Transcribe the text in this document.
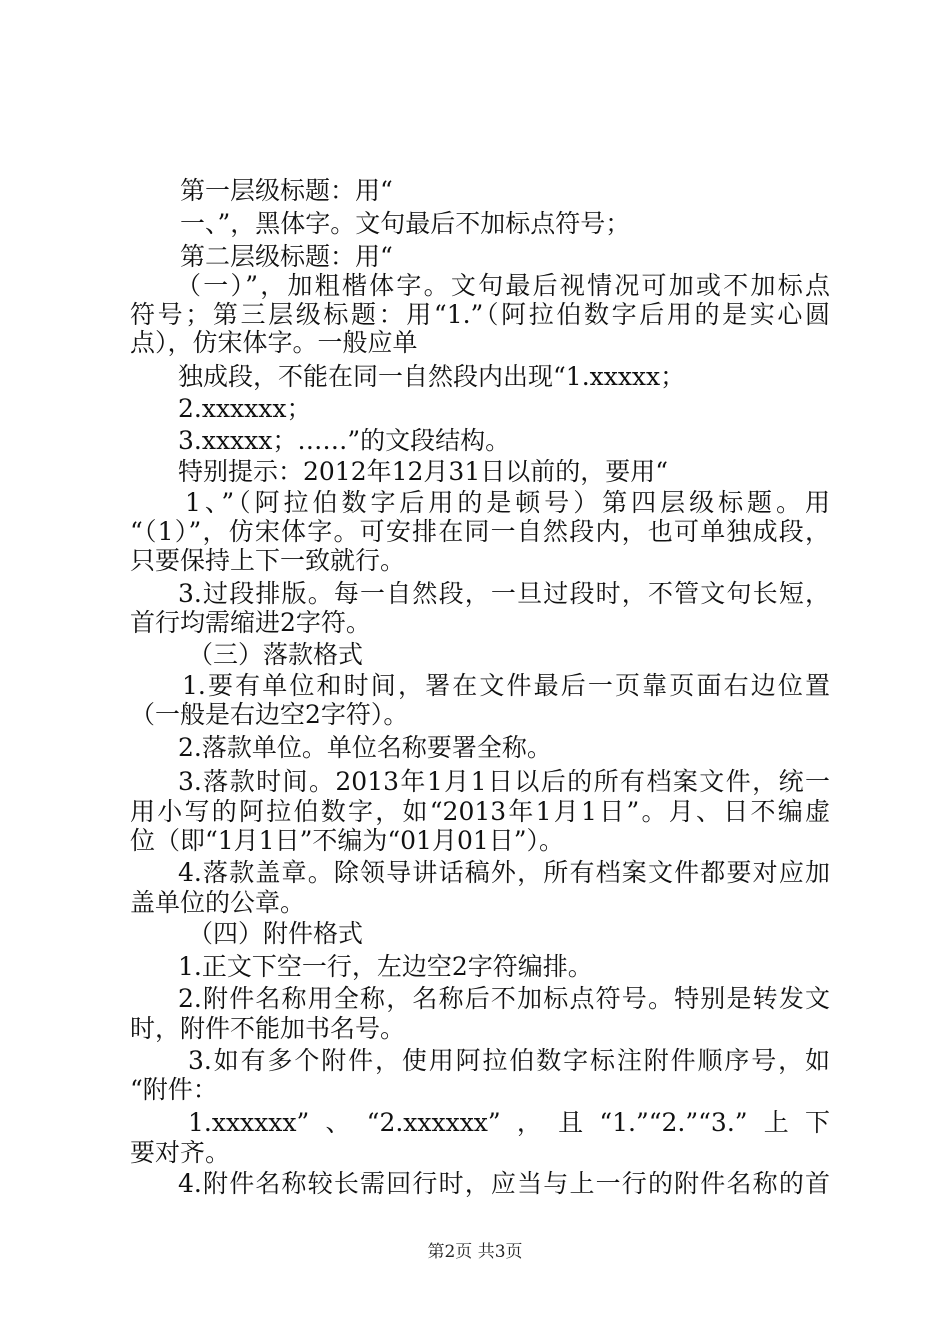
第一层级标题：用“
一、”，黑体字。文句最后不加标点符号；
第二层级标题：用“
（一）”，加粗楷体字。文句最后视情况可加或不加标点
符号；第三层级标题：用“1.”（阿拉伯数字后用的是实心圆
点），仿宋体字。一般应单
独成段，不能在同一自然段内出现“1.xxxxx；
2.xxxxxx；
3.xxxxx；……”的文段结构。
特别提示：2012年12月31日以前的，要用“
1、”（阿拉伯数字后用的是顿号）第四层级标题。用
“（1）”，仿宋体字。可安排在同一自然段内，也可单独成段，
只要保持上下一致就行。
3.过段排版。每一自然段，一旦过段时，不管文句长短，
首行均需缩进2字符。
（三）落款格式
1.要有单位和时间，署在文件最后一页靠页面右边位置
（一般是右边空2字符）。
2.落款单位。单位名称要署全称。
3.落款时间。2013年1月1日以后的所有档案文件，统一
用小写的阿拉伯数字，如“2013年1月1日”。月、日不编虚
位（即“1月1日”不编为“01月01日”）。
4.落款盖章。除领导讲话稿外，所有档案文件都要对应加
盖单位的公章。
（四）附件格式
1.正文下空一行，左边空2字符编排。
2.附件名称用全称，名称后不加标点符号。特别是转发文
时，附件不能加书名号。
3.如有多个附件，使用阿拉伯数字标注附件顺序号，如
“附件：
1.xxxxxx”、“2.xxxxxx”，且“1.”“2.”“3.”上下
要对齐。
4.附件名称较长需回行时，应当与上一行的附件名称的首
第2页 共3页
